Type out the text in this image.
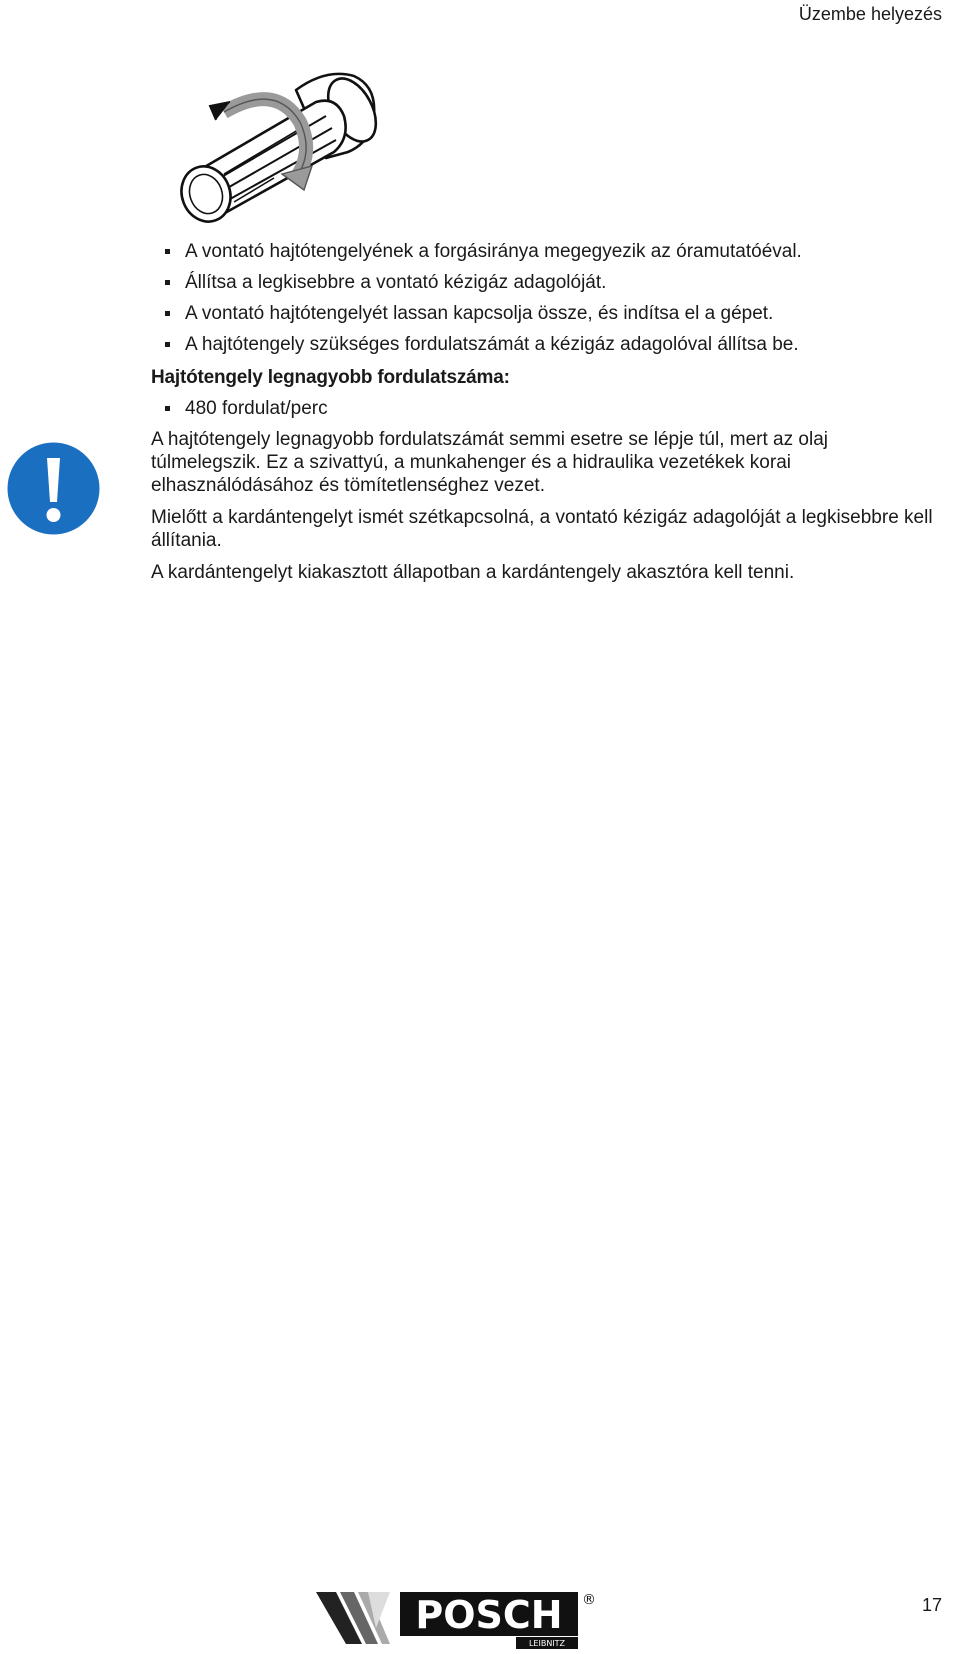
Üzembe helyezés
A vontató hajtótengelyének a forgásiránya megegyezik az óramutatóéval.
Állítsa a legkisebbre a vontató kézigáz adagolóját.
A vontató hajtótengelyét lassan kapcsolja össze, és indítsa el a gépet.
A hajtótengely szükséges fordulatszámát a kézigáz adagolóval állítsa be.
Hajtótengely legnagyobb fordulatszáma:
480 fordulat/perc

A hajtótengely legnagyobb fordulatszámát semmi esetre se lépje túl, mert az olaj túlmelegszik. Ez a szivattyú, a munkahenger és a hidraulika vezetékek korai elhasználódásához és tömítetlenséghez vezet.

Mielőtt a kardántengelyt ismét szétkapcsolná, a vontató kézigáz adagolóját a legkisebbre kell állítania.

A kardántengelyt kiakasztott állapotban a kardántengely akasztóra kell tenni.

POSCH
LEIBNITZ
®	17
